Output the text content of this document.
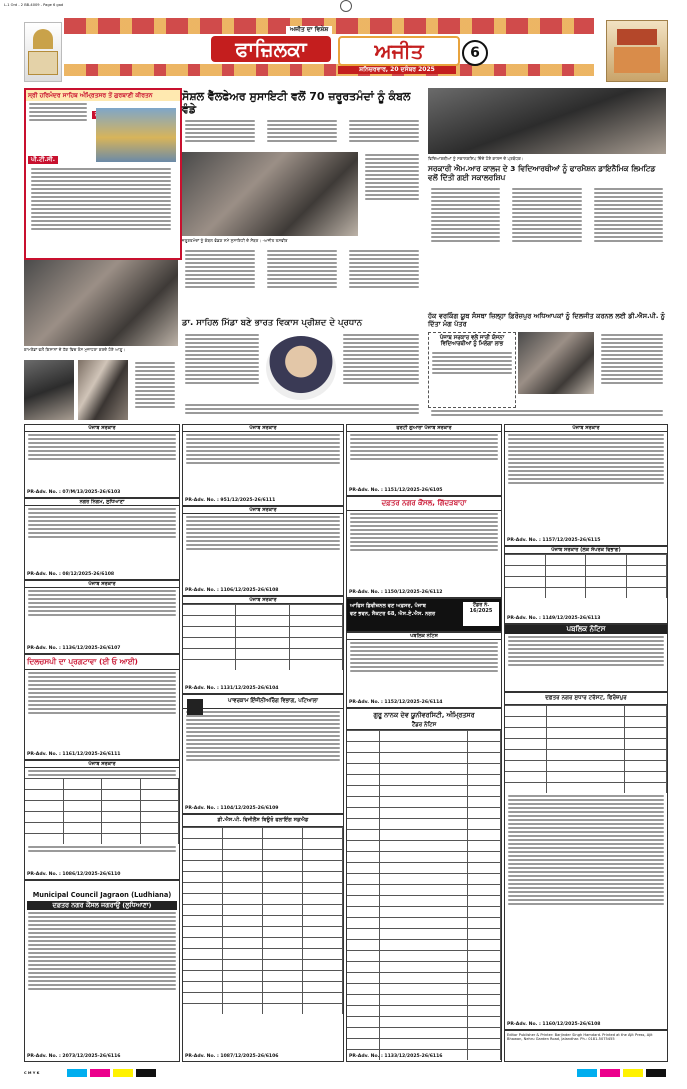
L-1 Ord - 2 BB-4009 - Page 6 gad
ਅਜੀਤ ਦਾ ਵਿਸ਼ੇਸ਼
ਫਾਜ਼ਿਲਕਾ	ਅਜੀਤ
ਸ਼ਨਿਚਰਵਾਰ, 20 ਦਸੰਬਰ 2025
6
ਸ੍ਰੀ ਹਰਿਮੰਦਰ ਸਾਹਿਬ ਅੰਮ੍ਰਿਤਸਰ ਤੋਂ ਗੁਰਬਾਣੀ ਕੀਰਤਨ
ਪੀ.ਟੀ.ਸੀ.
ਕਾਮਰੇਡਾਂ ਵਲੋਂ ਕਿਸਾਨਾਂ ਦੇ ਹੱਕ ਵਿਚ ਰੋਸ ਮੁਜ਼ਾਹਰਾ ਕਰਦੇ ਹੋਏ ਆਗੂ।
ਸੋਸ਼ਲ ਵੈੱਲਫੇਅਰ ਸੁਸਾਇਟੀ ਵਲੋਂ 70 ਜ਼ਰੂਰਤਮੰਦਾਂ ਨੂੰ ਕੰਬਲ ਵੰਡੇ
ਜ਼ਰੂਰਤਮੰਦਾਂ ਨੂੰ ਕੰਬਲ ਵੰਡਣ ਸਮੇਂ ਸੁਸਾਇਟੀ ਦੇ ਮੈਂਬਰ। -ਅਜੀਤ ਤਸਵੀਰ
ਵਿਦਿਆਰਥੀਆਂ ਨੂੰ ਸਕਾਲਰਸ਼ਿਪ ਦਿੰਦੇ ਹੋਏ ਕਾਲਜ ਦੇ ਪ੍ਰਬੰਧਕ।
ਸਰਕਾਰੀ ਐਮ.ਆਰ ਕਾਲਜ ਦੇ 3 ਵਿਦਿਆਰਥੀਆਂ ਨੂੰ ਫਾਰਮੈਸ਼ਨ ਡਾਇਨੈਮਿਕ ਲਿਮਟਿਡ ਵਲੋਂ ਦਿੱਤੀ ਗਈ ਸਕਾਲਰਸ਼ਿਪ
ਡਾ. ਸਾਹਿਲ ਮਿੱਡਾ ਬਣੇ ਭਾਰਤ ਵਿਕਾਸ ਪ੍ਰੀਸ਼ਦ ਦੇ ਪ੍ਰਧਾਨ
ਹੱਕ ਵਰਕਿੰਗ ਯੂਥ ਸੰਸਥਾ ਜ਼ਿਲ੍ਹਾ ਫ਼ਿਰੋਜ਼ਪੁਰ ਅਧਿਆਪਕਾਂ ਨੂੰ ਦਿਲਜੀਤ ਕਰਨਲ ਲਈ ਡੀ.ਐਸ.ਪੀ. ਨੂੰ ਦਿੱਤਾ ਮੰਗ ਪੱਤਰ
ਪੰਜਾਬ ਸਰਕਾਰ ਵਲੋਂ ਜਾਰੀ ਯੋਜਨਾ ਵਿਦਿਆਰਥੀਆਂ ਨੂੰ ਮਿਲੇਗਾ ਲਾਭ
ਪੰਜਾਬ ਸਰਕਾਰ
PR-Adv. No. : 07/M/13/2025-26/6103
ਨਗਰ ਨਿਗਮ, ਲੁਧਿਆਣਾ
PR-Adv. No. : 08/12/2025-26/6108
ਪੰਜਾਬ ਸਰਕਾਰ
PR-Adv. No. : 1136/12/2025-26/6107
ਦਿਲਚਸਪੀ ਦਾ ਪ੍ਰਗਟਾਵਾ (ਈ ਓ ਆਈ)
PR-Adv. No. : 1161/12/2025-26/6111
ਪੰਜਾਬ ਸਰਕਾਰ
PR-Adv. No. : 1086/12/2025-26/6110
Municipal Council Jagraon (Ludhiana)
ਦਫ਼ਤਰ ਨਗਰ ਕੌਂਸਲ ਜਗਰਾਉਂ (ਲੁਧਿਆਣਾ)
PR-Adv. No. : 2073/12/2025-26/6116
ਪੰਜਾਬ ਸਰਕਾਰ
PR-Adv. No. : 951/12/2025-26/6111
ਪੰਜਾਬ ਸਰਕਾਰ
PR-Adv. No. : 1106/12/2025-26/6108
ਪੰਜਾਬ ਸਰਕਾਰ
PR-Adv. No. : 1131/12/2025-26/6104
ਪਾਵਰਕਾਮ ਇੰਜੀਨੀਅਰਿੰਗ ਵਿਭਾਗ, ਪਟਿਆਲਾ
PR-Adv. No. : 1104/12/2025-26/6109
ਡੀ.ਐਸ.ਪੀ. ਵਿਜੀਲੈਂਸ ਬਿਊਰੋ ਫਲਾਇੰਗ ਸਕੁਐਡ
PR-Adv. No. : 1087/12/2025-26/6106
ਫਰਟੀ ਗੁਆਰਾ ਪੰਜਾਬ ਸਰਕਾਰ
PR-Adv. No. : 1151/12/2025-26/6105
ਦਫ਼ਤਰ ਨਗਰ ਕੌਂਸਲ, ਗਿੱਦੜਬਾਹਾ
PR-Adv. No. : 1150/12/2025-26/6112
ਆਫਿਸ ਡਿਵੀਜ਼ਨਲ ਵਣ ਅਫ਼ਸਰ, ਪੰਜਾਬ
ਵਣ ਭਵਨ, ਸੈਕਟਰ 68, ਐਸ.ਏ.ਐਸ. ਨਗਰ
ਟੈਂਡਰ ਨੰ. 16/2025
ਪਬਲਿਕ ਨੋਟਿਸ
PR-Adv. No. : 1152/12/2025-26/6114
ਗੁਰੂ ਨਾਨਕ ਦੇਵ ਯੂਨੀਵਰਸਿਟੀ, ਅੰਮ੍ਰਿਤਸਰ
ਟੈਂਡਰ ਨੋਟਿਸ
PR-Adv. No. : 1133/12/2025-26/6116
ਪੰਜਾਬ ਸਰਕਾਰ
PR-Adv. No. : 1157/12/2025-26/6115
ਪੰਜਾਬ ਸਰਕਾਰ (ਲੋਕ ਸੰਪਰਕ ਵਿਭਾਗ)
PR-Adv. No. : 1149/12/2025-26/6113
ਪਬਲਿਕ ਨੋਟਿਸ
ਦਫ਼ਤਰ ਨਗਰ ਸੁਧਾਰ ਟਰੱਸਟ, ਫਿਰੋਜ਼ਪੁਰ
PR-Adv. No. : 1160/12/2025-26/6108
Editor Publisher & Printer: Barjinder Singh Hamdard. Printed at the Ajit Press, Ajit Bhawan, Nehru Garden Road, Jalandhar. Ph.: 0181-5075455
C M Y K
